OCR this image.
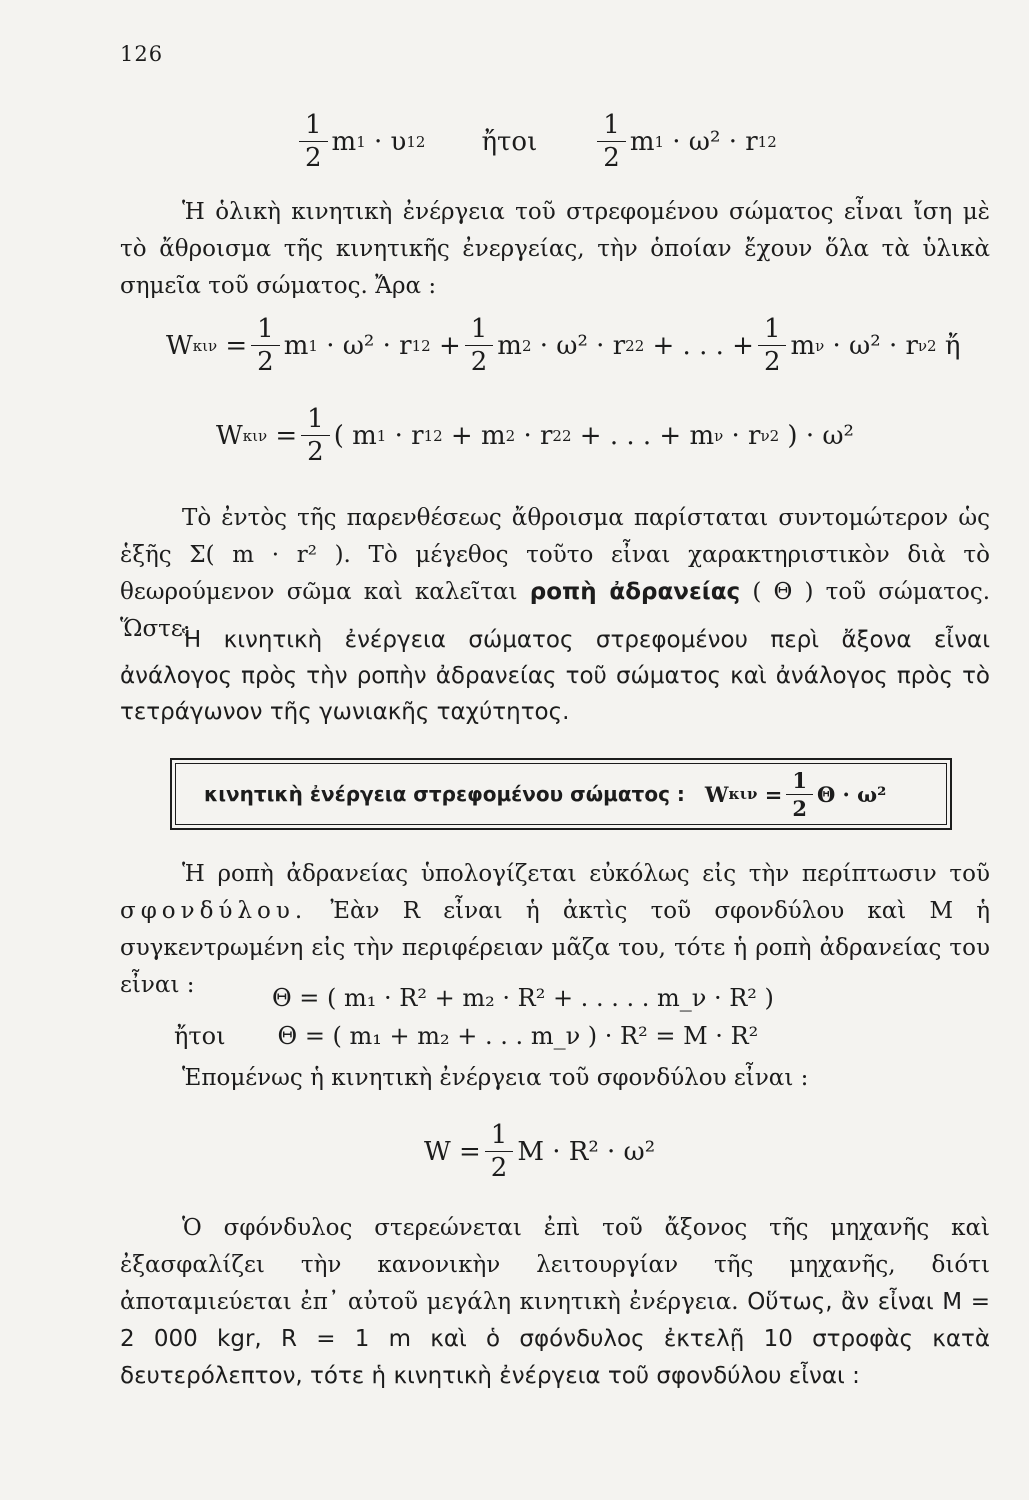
126
$\frac{1}{2}$ m 1
· υ 1 2 ἤτοι $\frac{1}{2}$ m 1
· ω² · r 1 2

Ἡ ὁλικὴ κινητικὴ ἐνέργεια τοῦ στρεφομένου σώματος εἶναι ἴση μὲ τὸ ἄθροισμα τῆς κινητικῆς ἐνεργείας, τὴν ὁποίαν ἔχουν ὅλα τὰ ὑλικὰ σημεῖα τοῦ σώματος. Ἄρα :

W κιν
= $\frac{1}{2}$ m 1
· ω² · r 1 2
+ $\frac{1}{2}$ m 2
· ω² · r 2 2
+ . . . + $\frac{1}{2}$ m ν
· ω² · r ν 2
ἤ
W κιν
= $\frac{1}{2}$ ( m 1
· r 1 2
+ m 2
· r 2 2
+ . . . + m ν
· r ν 2
) · ω²

Τὸ ἐντὸς τῆς παρενθέσεως ἄθροισμα παρίσταται συντομώτερον ὡς ἑξῆς Σ( m · r² ). Τὸ μέγεθος τοῦτο εἶναι χαρακτηριστικὸν διὰ τὸ θεωρούμενον σῶμα καὶ καλεῖται ροπὴ ἀδρανείας ( Θ ) τοῦ σώματος. Ὥστε:

Ἡ κινητικὴ ἐνέργεια σώματος στρεφομένου περὶ ἄξονα εἶναι ἀνάλογος πρὸς τὴν ροπὴν ἀδρανείας τοῦ σώματος καὶ ἀνάλογος πρὸς τὸ τετράγωνον τῆς γωνιακῆς ταχύτητος.

κινητικὴ ἐνέργεια στρεφομένου σώματος : W κιν
= $\frac{1}{2}$ Θ · ω²

Ἡ ροπὴ ἀδρανείας ὑπολογίζεται εὐκόλως εἰς τὴν περίπτωσιν τοῦ σφονδύλου. Ἐὰν R εἶναι ἡ ἀκτὶς τοῦ σφονδύλου καὶ M ἡ συγκεντρωμένη εἰς τὴν περιφέρειαν μᾶζα του, τότε ἡ ροπὴ ἀδρανείας του εἶναι :	Θ = ( m₁ · R² + m₂ · R² + . . . . . m_ν · R² )
ἤτοι Θ = ( m₁ + m₂ + . . . m_ν ) · R² = M · R²

Ἑπομένως ἡ κινητικὴ ἐνέργεια τοῦ σφονδύλου εἶναι :

W
= $\frac{1}{2}$ M · R² · ω²

Ὁ σφόνδυλος στερεώνεται ἐπὶ τοῦ ἄξονος τῆς μηχανῆς καὶ ἐξασφαλίζει τὴν κανονικὴν λειτουργίαν τῆς μηχανῆς, διότι ἀποταμιεύεται ἐπ᾽ αὐτοῦ μεγάλη κινητικὴ ἐνέργεια. Οὕτως, ἂν εἶναι M = 2 000 kgr, R = 1 m καὶ ὁ σφόνδυλος ἐκτελῇ 10 στροφὰς κατὰ δευτερόλεπτον, τότε ἡ κινητικὴ ἐνέργεια τοῦ σφονδύλου εἶναι :
